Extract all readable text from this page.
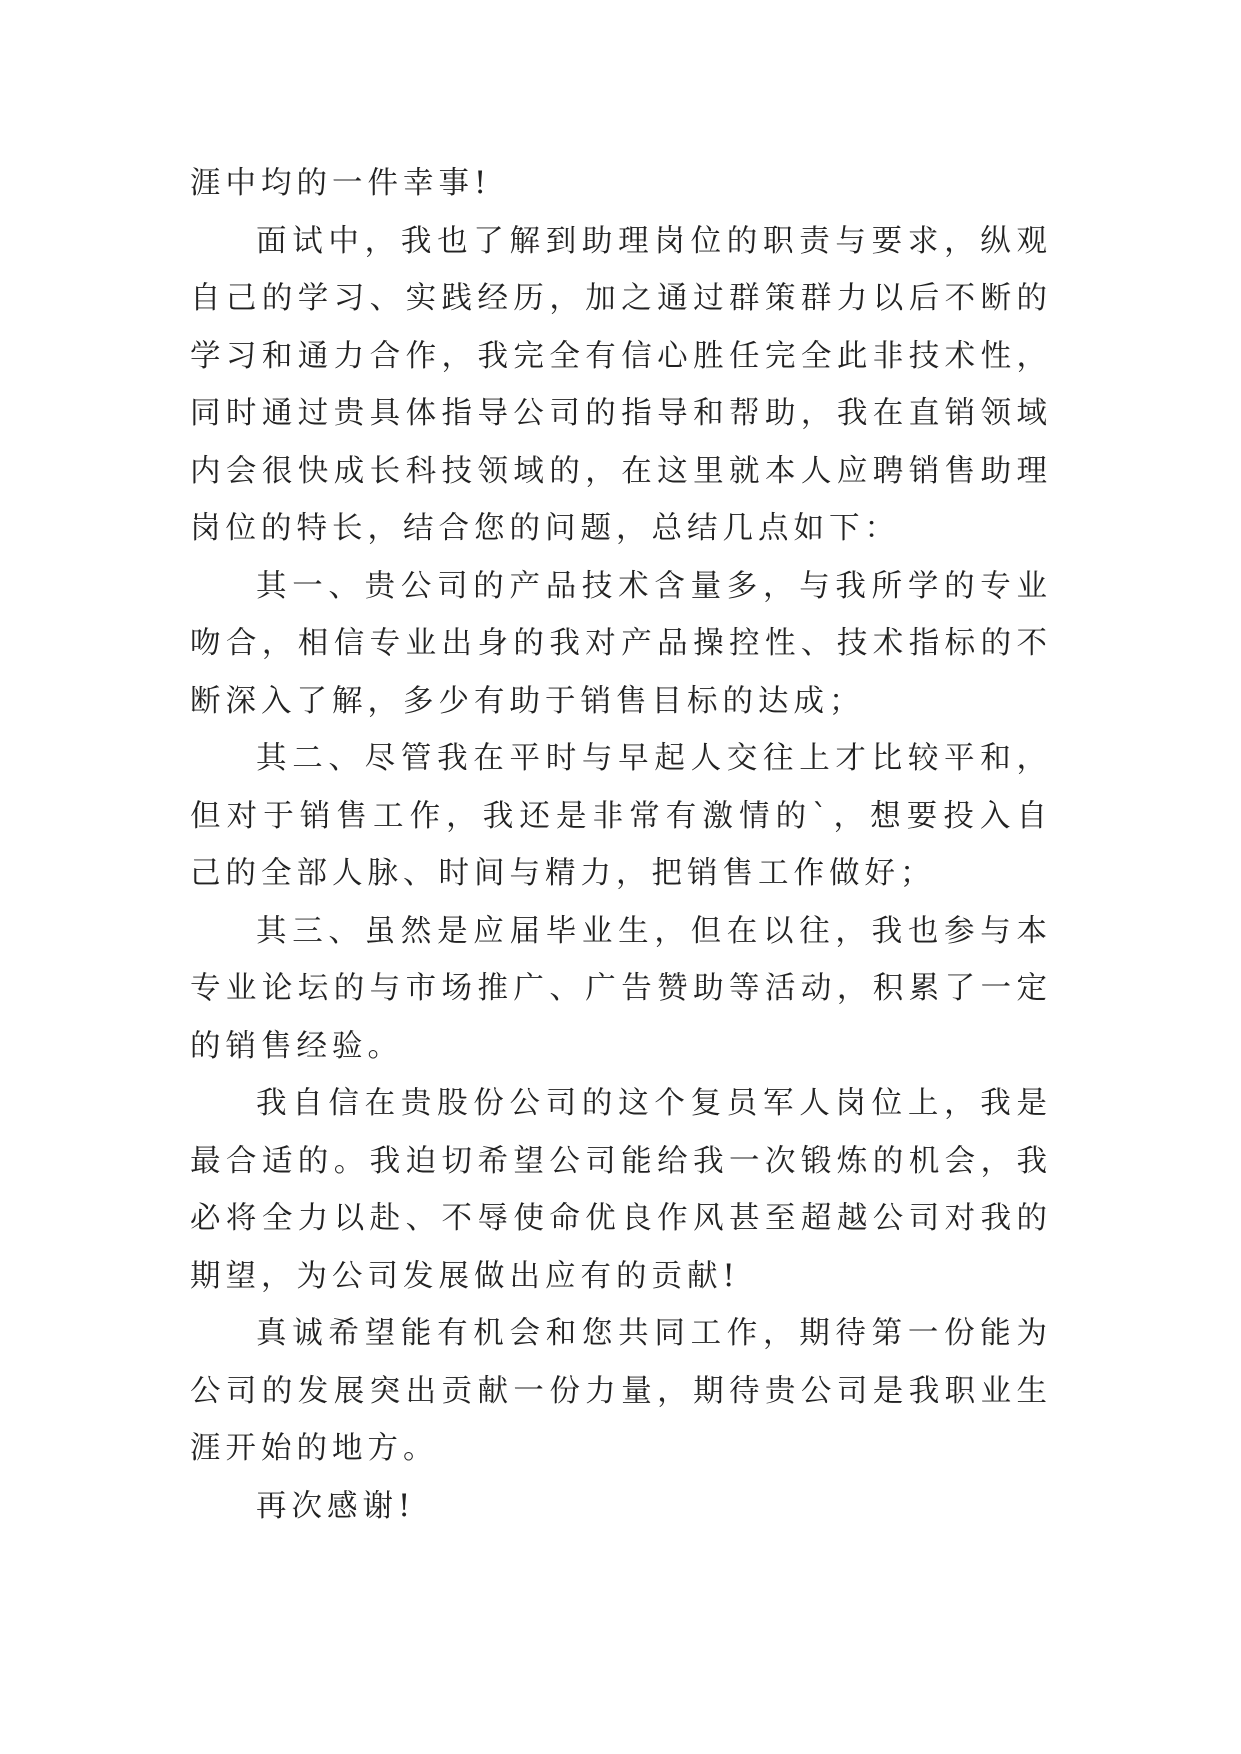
涯中均的一件幸事!

面试中，我也了解到助理岗位的职责与要求，纵观自己的学习、实践经历，加之通过群策群力以后不断的学习和通力合作，我完全有信心胜任完全此非技术性，同时通过贵具体指导公司的指导和帮助，我在直销领域内会很快成长科技领域的，在这里就本人应聘销售助理岗位的特长，结合您的问题，总结几点如下：

其一、贵公司的产品技术含量多，与我所学的专业吻合，相信专业出身的我对产品操控性、技术指标的不断深入了解，多少有助于销售目标的达成；

其二、尽管我在平时与早起人交往上才比较平和，但对于销售工作，我还是非常有激情的`，想要投入自己的全部人脉、时间与精力，把销售工作做好；

其三、虽然是应届毕业生，但在以往，我也参与本专业论坛的与市场推广、广告赞助等活动，积累了一定的销售经验。

我自信在贵股份公司的这个复员军人岗位上，我是最合适的。我迫切希望公司能给我一次锻炼的机会，我必将全力以赴、不辱使命优良作风甚至超越公司对我的期望，为公司发展做出应有的贡献!

真诚希望能有机会和您共同工作，期待第一份能为公司的发展突出贡献一份力量，期待贵公司是我职业生涯开始的地方。

再次感谢!
